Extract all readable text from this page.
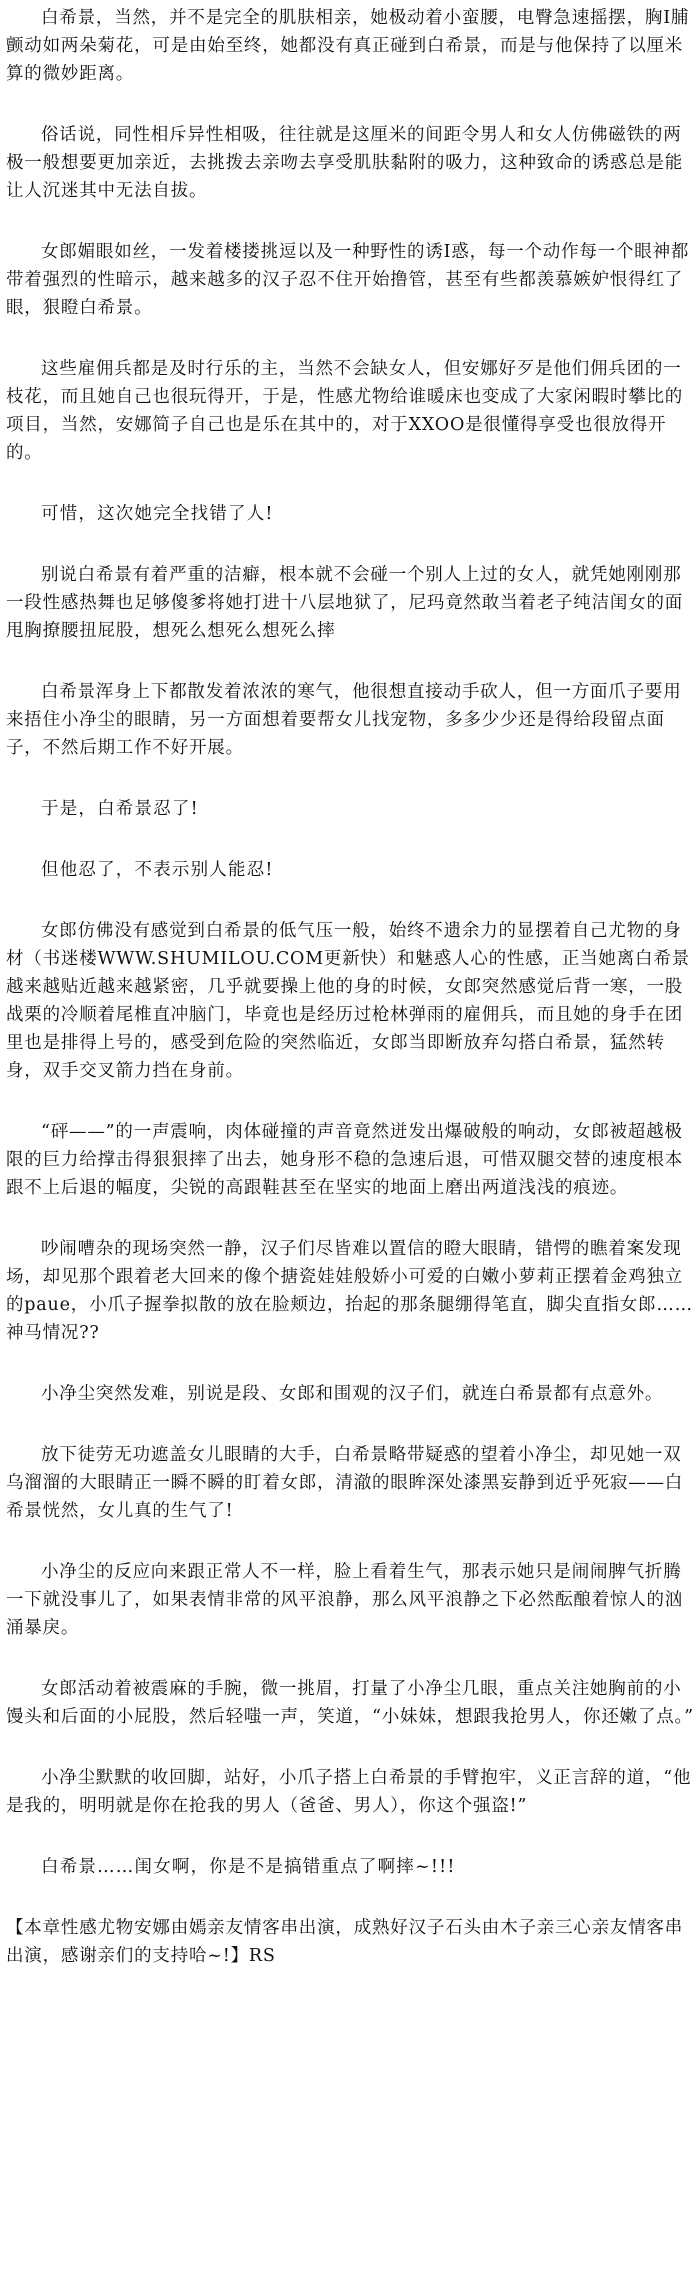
白希景，当然，并不是完全的肌肤相亲，她极动着小蛮腰，电臀急速摇摆，胸I脯颤动如两朵菊花，可是由始至终，她都没有真正碰到白希景，而是与他保持了以厘米算的微妙距离。

俗话说，同性相斥异性相吸，往往就是这厘米的间距令男人和女人仿佛磁铁的两极一般想要更加亲近，去挑拨去亲吻去享受肌肤黏附的吸力，这种致命的诱惑总是能让人沉迷其中无法自拔。

女郎媚眼如丝，一发着楼搂挑逗以及一种野性的诱I惑，每一个动作每一个眼神都带着强烈的性暗示，越来越多的汉子忍不住开始撸管，甚至有些都羡慕嫉妒恨得红了眼，狠瞪白希景。

这些雇佣兵都是及时行乐的主，当然不会缺女人，但安娜好歹是他们佣兵团的一枝花，而且她自己也很玩得开，于是，性感尤物给谁暖床也变成了大家闲暇时攀比的项目，当然，安娜简子自己也是乐在其中的，对于XXOO是很懂得享受也很放得开的。

可惜，这次她完全找错了人!

别说白希景有着严重的洁癖，根本就不会碰一个别人上过的女人，就凭她刚刚那一段性感热舞也足够傻爹将她打进十八层地狱了，尼玛竟然敢当着老子纯洁闺女的面甩胸撩腰扭屁股，想死么想死么想死么摔

白希景浑身上下都散发着浓浓的寒气，他很想直接动手砍人，但一方面爪子要用来捂住小净尘的眼睛，另一方面想着要帮女儿找宠物，多多少少还是得给段留点面子，不然后期工作不好开展。

于是，白希景忍了!

但他忍了，不表示别人能忍!

女郎仿佛没有感觉到白希景的低气压一般，始终不遗余力的显摆着自己尤物的身材（书迷楼WWW.SHUMILOU.COM更新快）和魅惑人心的性感，正当她离白希景越来越贴近越来越紧密，几乎就要操上他的身的时候，女郎突然感觉后背一寒，一股战栗的冷顺着尾椎直冲脑门，毕竟也是经历过枪林弹雨的雇佣兵，而且她的身手在团里也是排得上号的，感受到危险的突然临近，女郎当即断放弃勾搭白希景，猛然转身，双手交叉箭力挡在身前。

“砰——”的一声震响，肉体碰撞的声音竟然迸发出爆破般的响动，女郎被超越极限的巨力给撑击得狠狠摔了出去，她身形不稳的急速后退，可惜双腿交替的速度根本跟不上后退的幅度，尖锐的高跟鞋甚至在坚实的地面上磨出两道浅浅的痕迹。

吵闹嘈杂的现场突然一静，汉子们尽皆难以置信的瞪大眼睛，错愕的瞧着案发现场，却见那个跟着老大回来的像个搪瓷娃娃般娇小可爱的白嫩小萝莉正摆着金鸡独立的paue，小爪子握拳拟散的放在脸颊边，抬起的那条腿绷得笔直，脚尖直指女郎……神马情况??

小净尘突然发难，别说是段、女郎和围观的汉子们，就连白希景都有点意外。

放下徒劳无功遮盖女儿眼睛的大手，白希景略带疑惑的望着小净尘，却见她一双乌溜溜的大眼睛正一瞬不瞬的盯着女郎，清澈的眼眸深处漆黑妄静到近乎死寂——白希景恍然，女儿真的生气了!

小净尘的反应向来跟正常人不一样，脸上看着生气，那表示她只是闹闹脾气折腾一下就没事儿了，如果表情非常的风平浪静，那么风平浪静之下必然酝酿着惊人的汹涌暴戾。

女郎活动着被震麻的手腕，微一挑眉，打量了小净尘几眼，重点关注她胸前的小馒头和后面的小屁股，然后轻嗤一声，笑道，“小妹妹，想跟我抢男人，你还嫩了点。”

小净尘默默的收回脚，站好，小爪子搭上白希景的手臂抱牢，义正言辞的道，“他是我的，明明就是你在抢我的男人（爸爸、男人），你这个强盗!”

白希景……闺女啊，你是不是搞错重点了啊摔~!!!

【本章性感尤物安娜由嫣亲友情客串出演，成熟好汉子石头由木子亲三心亲友情客串出演，感谢亲们的支持哈~!】RS
